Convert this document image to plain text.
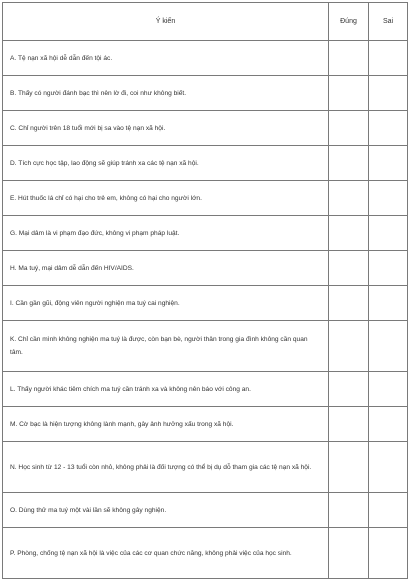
Ý kiến	Đúng	Sai
A. Tệ nạn xã hội dễ dẫn đến tội ác.		
B. Thấy có người đánh bạc thì nên lờ đi, coi như không biết.		
C. Chỉ người trên 18 tuổi mới bị sa vào tệ nạn xã hội.		
D. Tích cực học tập, lao động sẽ giúp tránh xa các tệ nạn xã hội.		
E. Hút thuốc lá chỉ có hại cho trẻ em, không có hại cho người lớn.		
G. Mại dâm là vi phạm đạo đức, không vi phạm pháp luật.		
H. Ma tuý, mại dâm dễ dẫn đến HIV/AIDS.		
I. Cần gần gũi, động viên người nghiện ma tuý cai nghiện.		
K. Chỉ cần mình không nghiện ma tuý là được, còn bạn bè, người thân trong gia đình không cần quan tâm.		
L. Thấy người khác tiêm chích ma tuý cần tránh xa và không nên báo với công an.		
M. Cờ bạc là hiện tượng không lành mạnh, gây ảnh hưởng xấu trong xã hội.		
N. Học sinh từ 12 - 13 tuổi còn nhỏ, không phải là đối tượng có thể bị dụ dỗ tham gia các tệ nạn xã hội.		
O. Dùng thử ma tuý một vài lần sẽ không gây nghiện.		
P. Phòng, chống tệ nạn xã hội là việc của các cơ quan chức năng, không phải việc của học sinh.		
